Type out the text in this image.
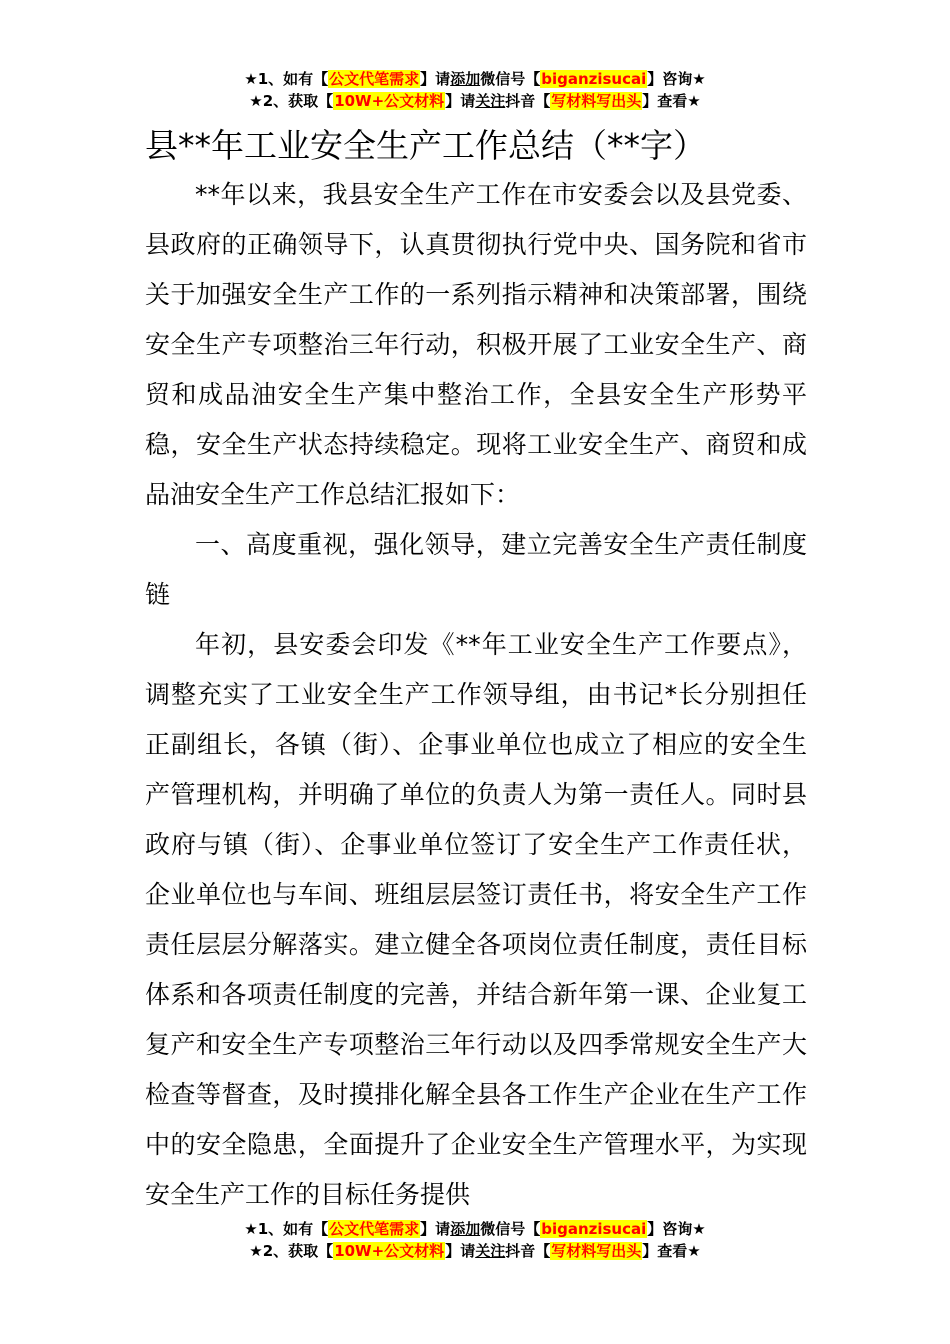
★1、如有【公文代笔需求】请添加微信号【biganzisucai】咨询★
★2、获取【10W+公文材料】请关注抖音【写材料写出头】查看★
县**年工业安全生产工作总结（**字）

**年以来，我县安全生产工作在市安委会以及县党委、县政府的正确领导下，认真贯彻执行党中央、国务院和省市关于加强安全生产工作的一系列指示精神和决策部署，围绕安全生产专项整治三年行动，积极开展了工业安全生产、商贸和成品油安全生产集中整治工作，全县安全生产形势平稳，安全生产状态持续稳定。现将工业安全生产、商贸和成品油安全生产工作总结汇报如下：

一、高度重视，强化领导，建立完善安全生产责任制度链

年初，县安委会印发《**年工业安全生产工作要点》，调整充实了工业安全生产工作领导组，由书记*长分别担任正副组长，各镇（街）、企事业单位也成立了相应的安全生产管理机构，并明确了单位的负责人为第一责任人。同时县政府与镇（街）、企事业单位签订了安全生产工作责任状，企业单位也与车间、班组层层签订责任书，将安全生产工作责任层层分解落实。建立健全各项岗位责任制度，责任目标体系和各项责任制度的完善，并结合新年第一课、企业复工复产和安全生产专项整治三年行动以及四季常规安全生产大检查等督查，及时摸排化解全县各工作生产企业在生产工作中的安全隐患，全面提升了企业安全生产管理水平，为实现安全生产工作的目标任务提供

★1、如有【公文代笔需求】请添加微信号【biganzisucai】咨询★
★2、获取【10W+公文材料】请关注抖音【写材料写出头】查看★
